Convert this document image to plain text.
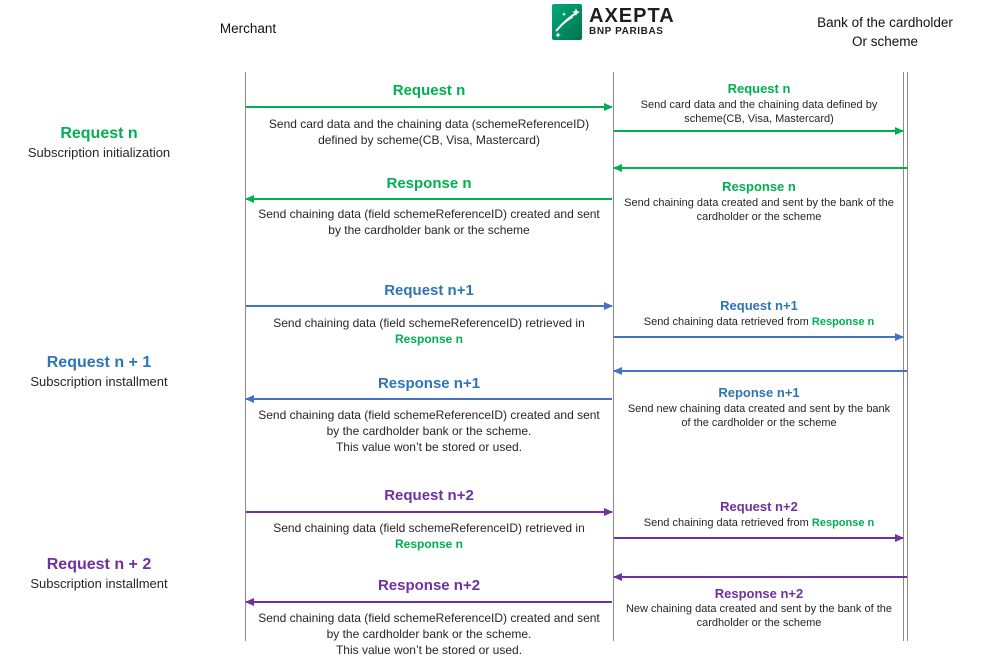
Merchant
AXEPTA
BNP PARIBAS
Bank of the cardholder
Or scheme
Request n
Subscription initialization
Request n + 1
Subscription installment
Request n + 2
Subscription installment
Request n
Send card data and the chaining data (schemeReferenceID)
defined by scheme(CB, Visa, Mastercard)
Response n
Send chaining data (field schemeReferenceID) created and sent
by the cardholder bank or the scheme
Request n+1
Send chaining data (field schemeReferenceID) retrieved in
Response n
Response n+1
Send chaining data (field schemeReferenceID) created and sent
by the cardholder bank or the scheme.
This value won’t be stored or used.
Request n+2
Send chaining data (field schemeReferenceID) retrieved in
Response n
Response n+2
Send chaining data (field schemeReferenceID) created and sent
by the cardholder bank or the scheme.
This value won’t be stored or used.
Request n
Send card data and the chaining data defined by
scheme(CB, Visa, Mastercard)
Response n
Send chaining data created and sent by the bank of the
cardholder or the scheme
Request n+1
Send chaining data retrieved from Response n
Reponse n+1
Send new chaining data created and sent by the bank
of the cardholder or the scheme
Request n+2
Send chaining data retrieved from Response n
Response n+2
New chaining data created and sent by the bank of the
cardholder or the scheme
